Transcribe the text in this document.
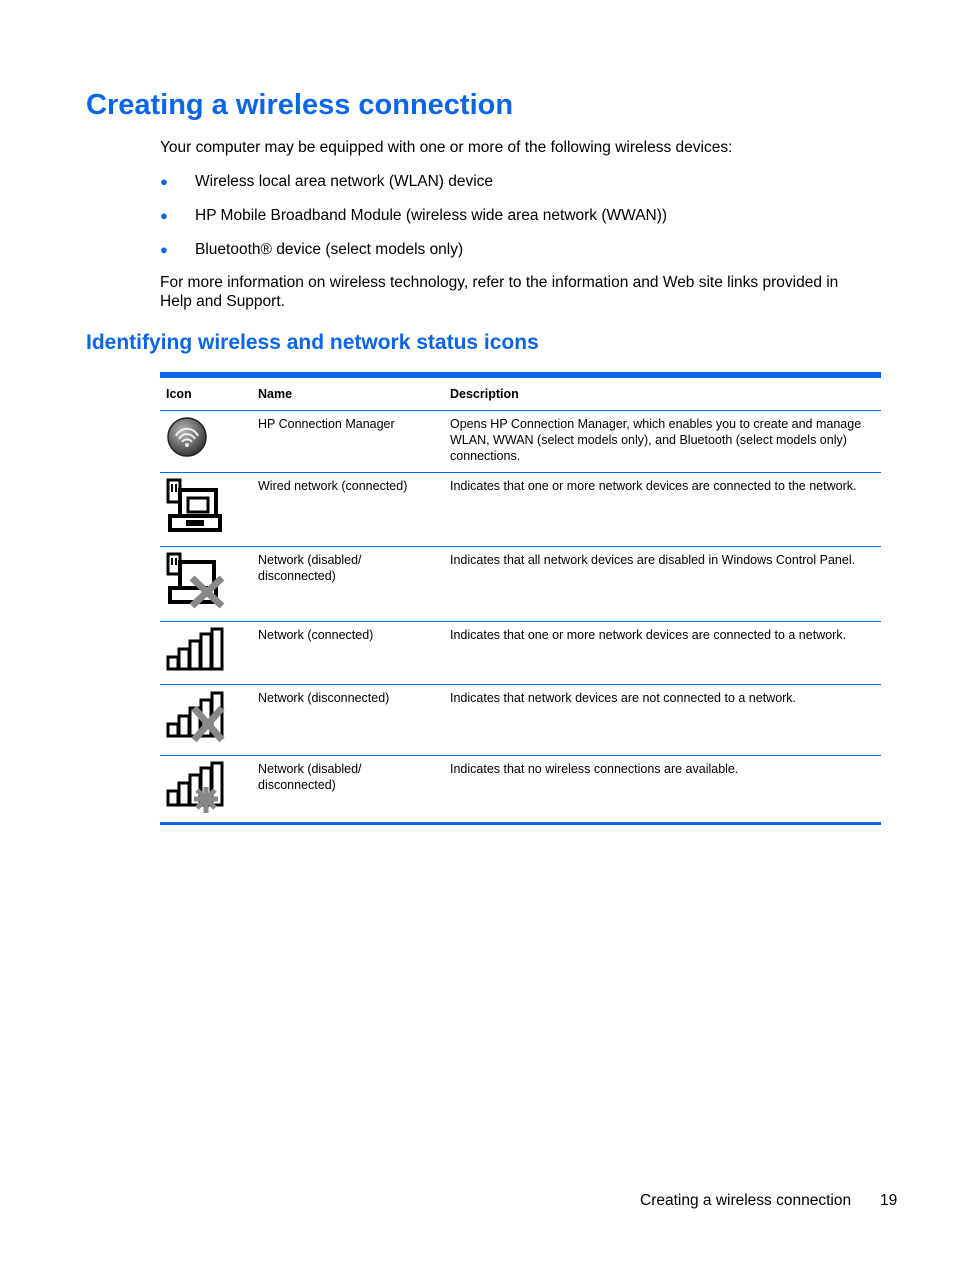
Creating a wireless connection

Your computer may be equipped with one or more of the following wireless devices:

●	Wireless local area network (WLAN) device
●	HP Mobile Broadband Module (wireless wide area network (WWAN))
●	Bluetooth® device (select models only)

For more information on wireless technology, refer to the information and Web site links provided in Help and Support.

Identifying wireless and network status icons
Icon	Name	Description

	HP Connection Manager	Opens HP Connection Manager, which enables you to create and manage WLAN, WWAN (select models only), and Bluetooth (select models only) connections.

	Wired network (connected)	Indicates that one or more network devices are connected to the network.

	Network (disabled/ disconnected)	Indicates that all network devices are disabled in Windows Control Panel.

	Network (connected)	Indicates that one or more network devices are connected to a network.

	Network (disconnected)	Indicates that network devices are not connected to a network.

	Network (disabled/ disconnected)	Indicates that no wireless connections are available.
Creating a wireless connection 19
